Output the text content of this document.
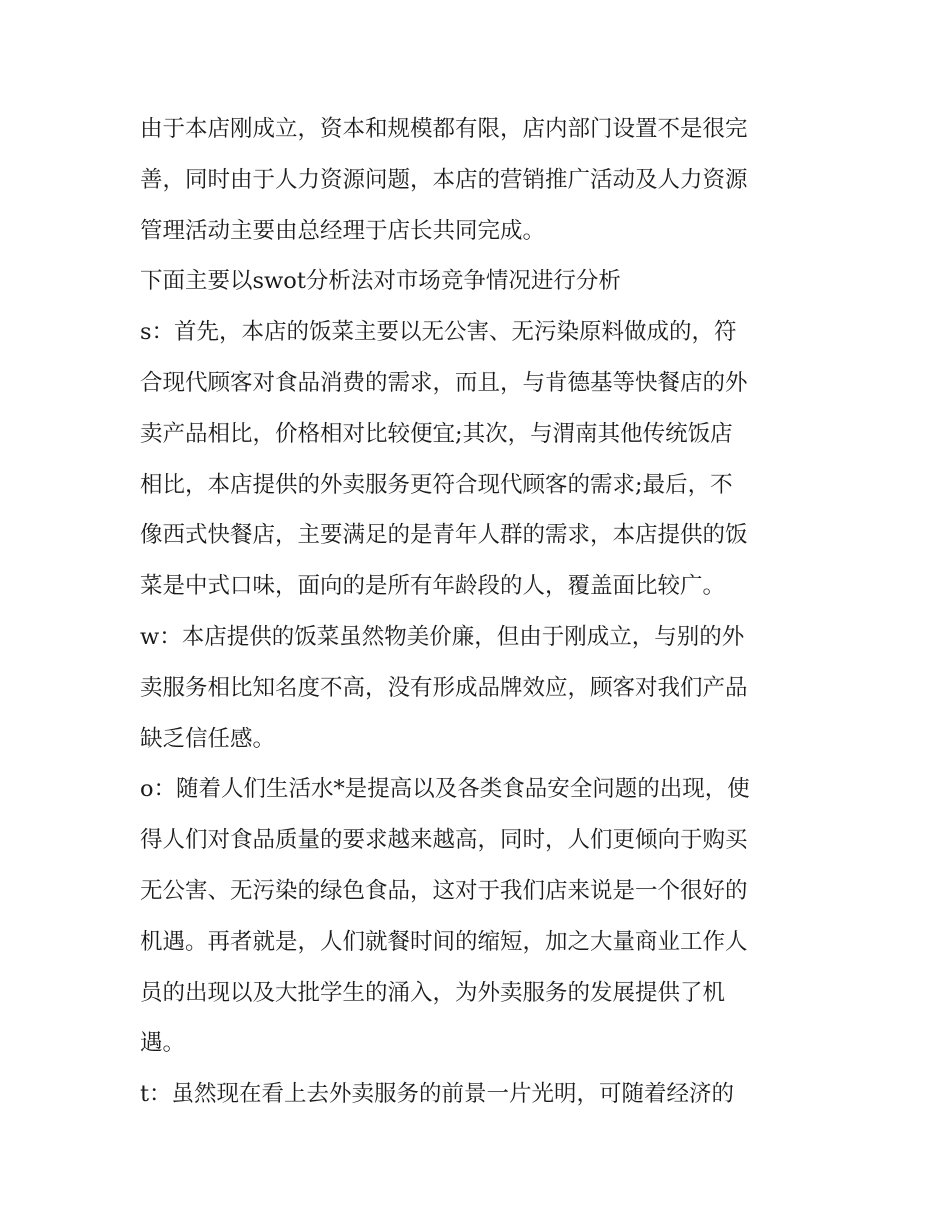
由于本店刚成立，资本和规模都有限，店内部门设置不是很完
善，同时由于人力资源问题，本店的营销推广活动及人力资源
管理活动主要由总经理于店长共同完成。
下面主要以swot分析法对市场竞争情况进行分析
s：首先，本店的饭菜主要以无公害、无污染原料做成的，符
合现代顾客对食品消费的需求，而且，与肯德基等快餐店的外
卖产品相比，价格相对比较便宜;其次，与渭南其他传统饭店
相比，本店提供的外卖服务更符合现代顾客的需求;最后，不
像西式快餐店，主要满足的是青年人群的需求，本店提供的饭
菜是中式口味，面向的是所有年龄段的人，覆盖面比较广。
w：本店提供的饭菜虽然物美价廉，但由于刚成立，与别的外
卖服务相比知名度不高，没有形成品牌效应，顾客对我们产品
缺乏信任感。
o：随着人们生活水*是提高以及各类食品安全问题的出现，使
得人们对食品质量的要求越来越高，同时，人们更倾向于购买
无公害、无污染的绿色食品，这对于我们店来说是一个很好的
机遇。再者就是，人们就餐时间的缩短，加之大量商业工作人
员的出现以及大批学生的涌入，为外卖服务的发展提供了机
遇。
t：虽然现在看上去外卖服务的前景一片光明，可随着经济的
